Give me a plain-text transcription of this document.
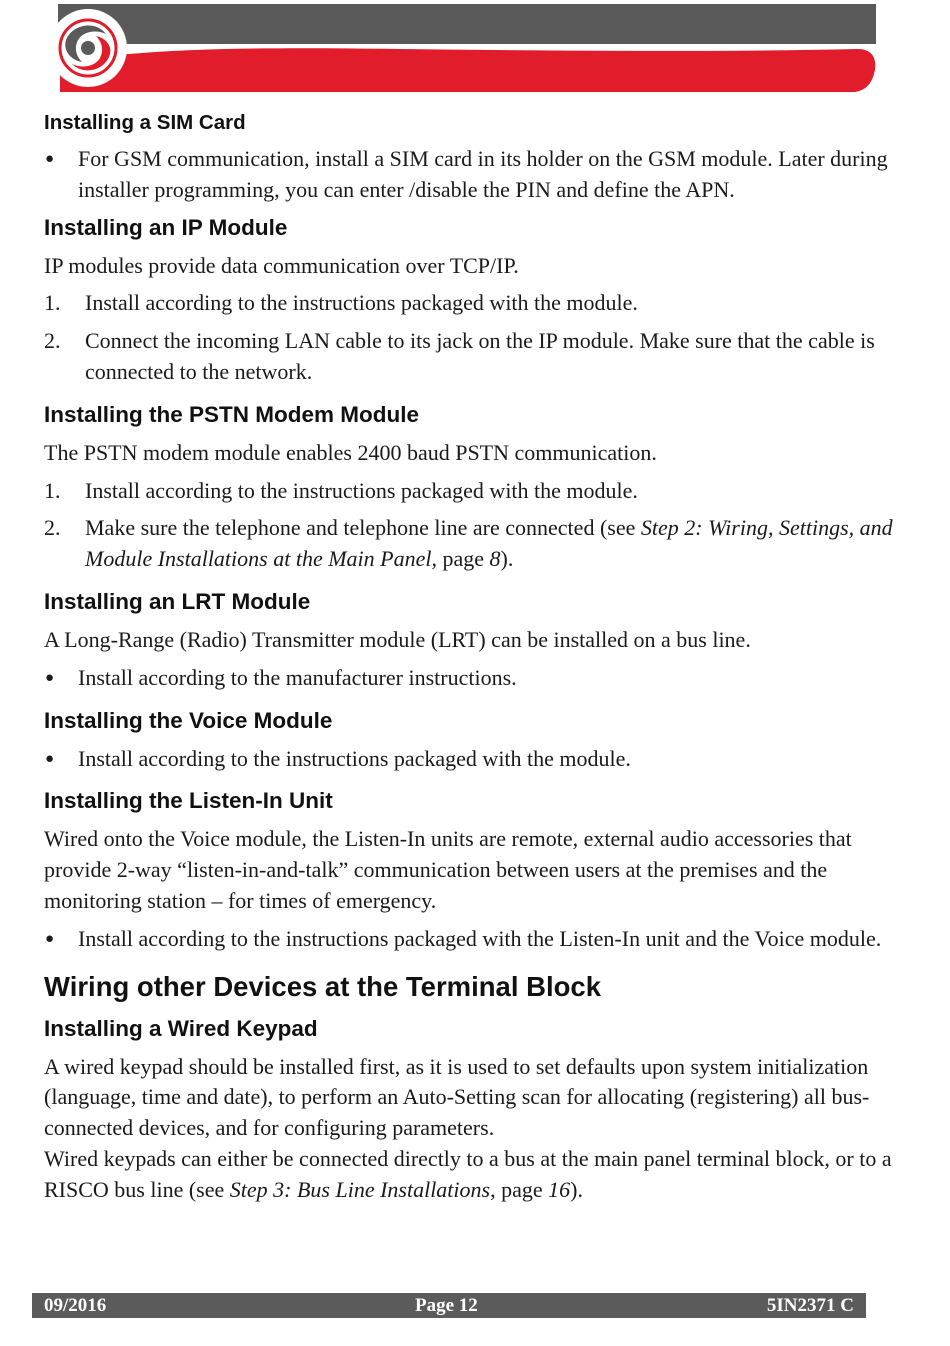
Installing a SIM Card
● For GSM communication, install a SIM card in its holder on the GSM module. Later during installer programming, you can enter /disable the PIN and define the APN.
Installing an IP Module

IP modules provide data communication over TCP/IP.

1. Install according to the instructions packaged with the module.
2. Connect the incoming LAN cable to its jack on the IP module. Make sure that the cable is connected to the network.
Installing the PSTN Modem Module

The PSTN modem module enables 2400 baud PSTN communication.

1. Install according to the instructions packaged with the module.
2. Make sure the telephone and telephone line are connected (see Step 2: Wiring, Settings, and Module Installations at the Main Panel, page 8).
Installing an LRT Module

A Long-Range (Radio) Transmitter module (LRT) can be installed on a bus line.

● Install according to the manufacturer instructions.
Installing the Voice Module
● Install according to the instructions packaged with the module.
Installing the Listen-In Unit

Wired onto the Voice module, the Listen-In units are remote, external audio accessories that provide 2-way “listen-in-and-talk” communication between users at the premises and the monitoring station – for times of emergency.

● Install according to the instructions packaged with the Listen-In unit and the Voice module.
Wiring other Devices at the Terminal Block
Installing a Wired Keypad

A wired keypad should be installed first, as it is used to set defaults upon system initialization (language, time and date), to perform an Auto-Setting scan for allocating (registering) all bus-connected devices, and for configuring parameters.

Wired keypads can either be connected directly to a bus at the main panel terminal block, or to a RISCO bus line (see Step 3: Bus Line Installations, page 16).

09/2016	Page 12	5IN2371 C
